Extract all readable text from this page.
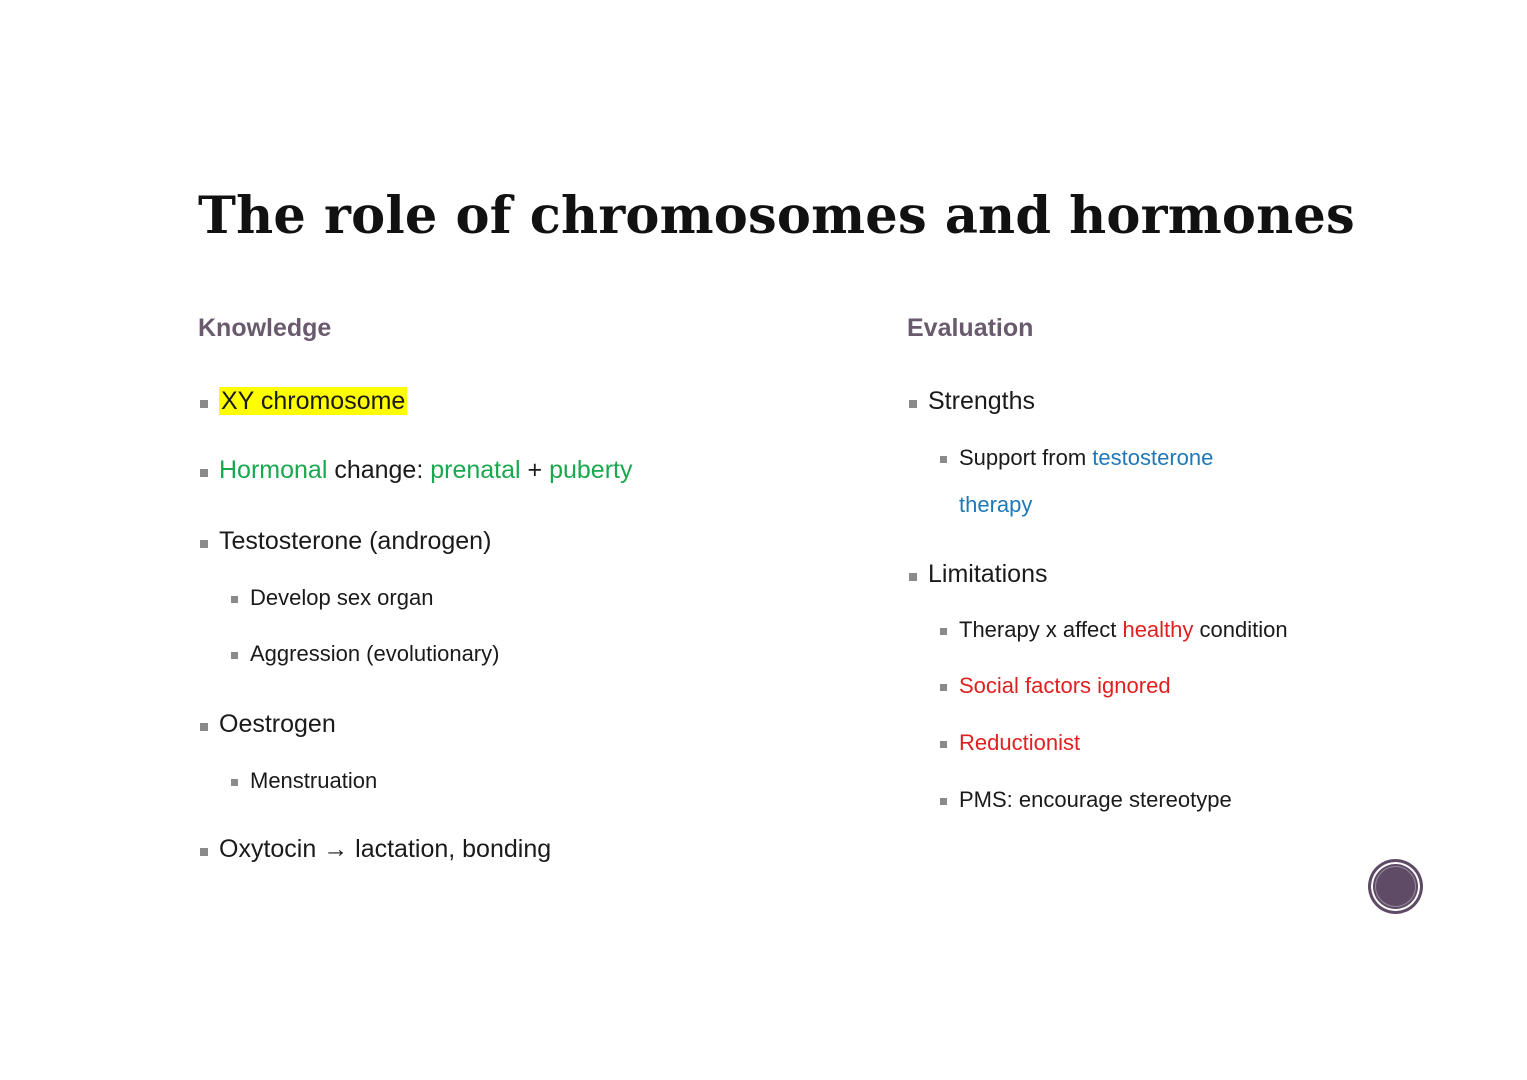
The role of chromosomes and hormones
Knowledge
XY chromosome
Hormonal change: prenatal + puberty
Testosterone (androgen)
Develop sex organ
Aggression (evolutionary)
Oestrogen
Menstruation
Oxytocin → lactation, bonding
Evaluation
Strengths
Support from testosterone
therapy
Limitations
Therapy x affect healthy condition
Social factors ignored
Reductionist
PMS: encourage stereotype
